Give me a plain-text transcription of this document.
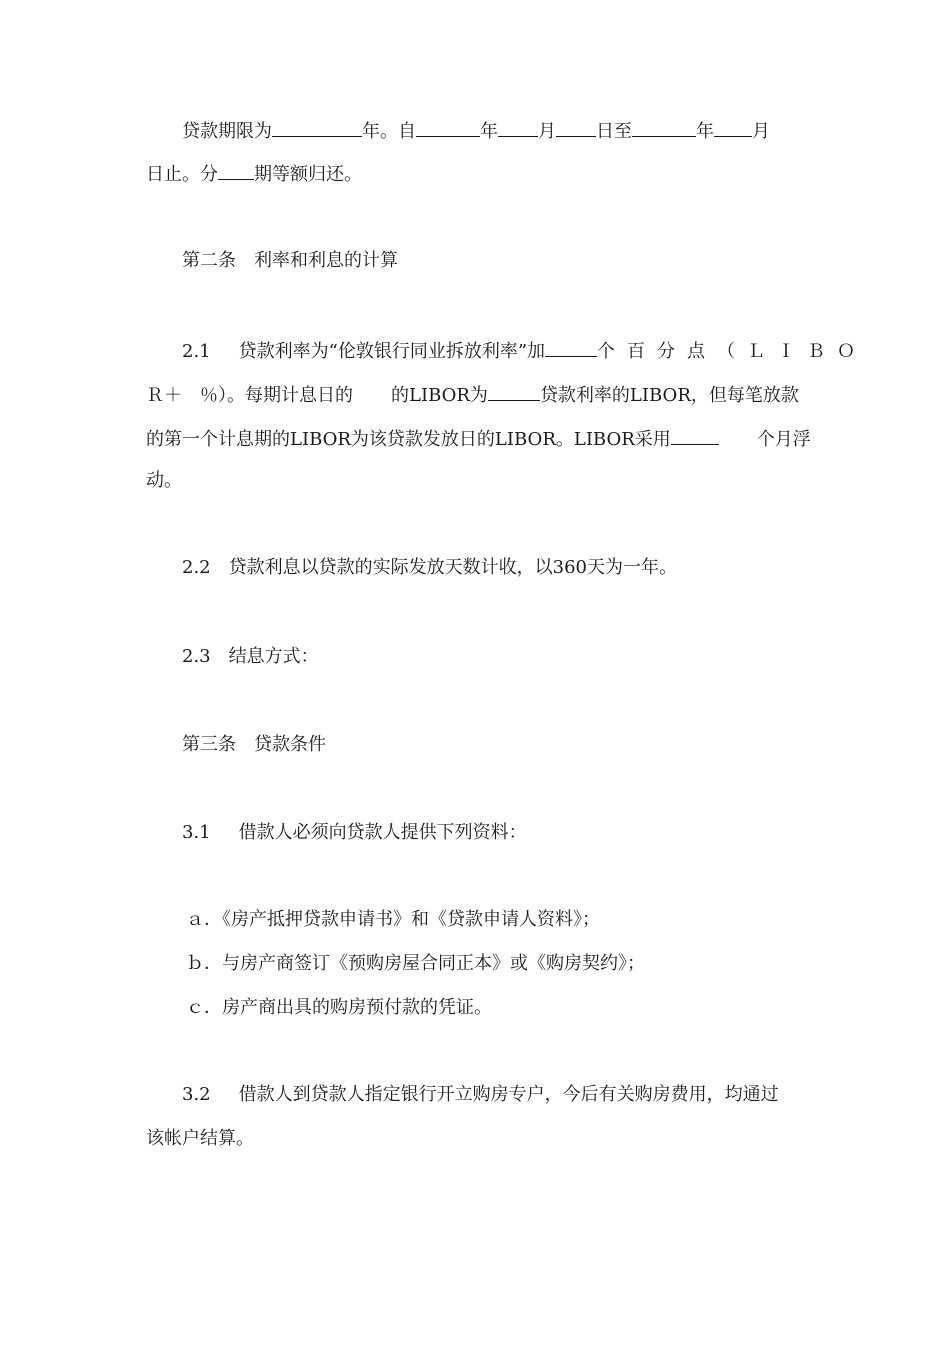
贷款期限为	年。自	年 月 日至	年 月
日止。分 期等额归还。
第二条　利率和利息的计算
2.1 贷款利率为“伦敦银行同业拆放利率”加	个百分点（ＬＩＢＯ
Ｒ＋　％）。每期计息日的 的LIBOR为	贷款利率的LIBOR，但每笔放款
的第一个计息期的LIBOR为该贷款发放日的LIBOR。LIBOR采用	个月浮
动。
2.2 贷款利息以贷款的实际发放天数计收，以360天为一年。
2.3 结息方式：
第三条　贷款条件
3.1 借款人必须向贷款人提供下列资料：
ａ．《房产抵押贷款申请书》和《贷款申请人资料》；
ｂ．与房产商签订《预购房屋合同正本》或《购房契约》；
ｃ．房产商出具的购房预付款的凭证。
3.2 借款人到贷款人指定银行开立购房专户，今后有关购房费用，均通过
该帐户结算。
